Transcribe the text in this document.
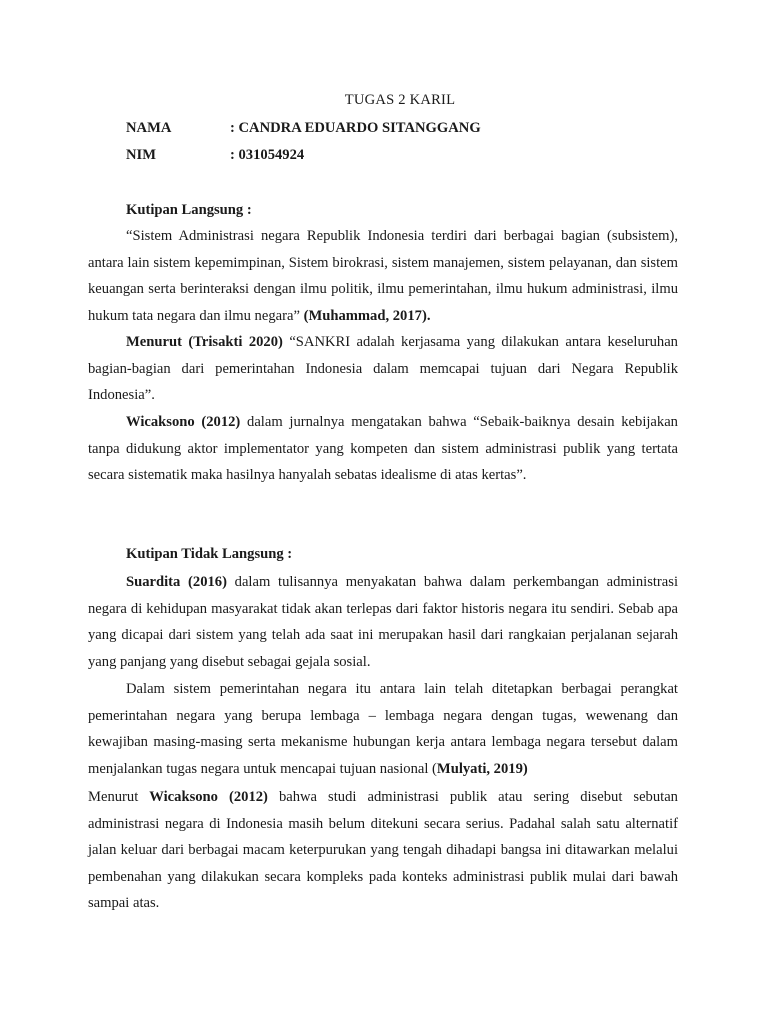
TUGAS 2 KARIL
NAMA	: CANDRA EDUARDO SITANGGANG
NIM	: 031054924
Kutipan Langsung :

“Sistem Administrasi negara Republik Indonesia terdiri dari berbagai bagian (subsistem), antara lain sistem kepemimpinan, Sistem birokrasi, sistem manajemen, sistem pelayanan, dan sistem keuangan serta berinteraksi dengan ilmu politik, ilmu pemerintahan, ilmu hukum administrasi, ilmu hukum tata negara dan ilmu negara” (Muhammad, 2017).

Menurut (Trisakti 2020) “SANKRI adalah kerjasama yang dilakukan antara keseluruhan bagian-bagian dari pemerintahan Indonesia dalam memcapai tujuan dari Negara Republik Indonesia”.

Wicaksono (2012) dalam jurnalnya mengatakan bahwa “Sebaik-baiknya desain kebijakan tanpa didukung aktor implementator yang kompeten dan sistem administrasi publik yang tertata secara sistematik maka hasilnya hanyalah sebatas idealisme di atas kertas”.

Kutipan Tidak Langsung :

Suardita (2016) dalam tulisannya menyakatan bahwa dalam perkembangan administrasi negara di kehidupan masyarakat tidak akan terlepas dari faktor historis negara itu sendiri. Sebab apa yang dicapai dari sistem yang telah ada saat ini merupakan hasil dari rangkaian perjalanan sejarah yang panjang yang disebut sebagai gejala sosial.

Dalam sistem pemerintahan negara itu antara lain telah ditetapkan berbagai perangkat pemerintahan negara yang berupa lembaga – lembaga negara dengan tugas, wewenang dan kewajiban masing-masing serta mekanisme hubungan kerja antara lembaga negara tersebut dalam menjalankan tugas negara untuk mencapai tujuan nasional (Mulyati, 2019)

Menurut Wicaksono (2012) bahwa studi administrasi publik atau sering disebut sebutan administrasi negara di Indonesia masih belum ditekuni secara serius. Padahal salah satu alternatif jalan keluar dari berbagai macam keterpurukan yang tengah dihadapi bangsa ini ditawarkan melalui pembenahan yang dilakukan secara kompleks pada konteks administrasi publik mulai dari bawah sampai atas.
